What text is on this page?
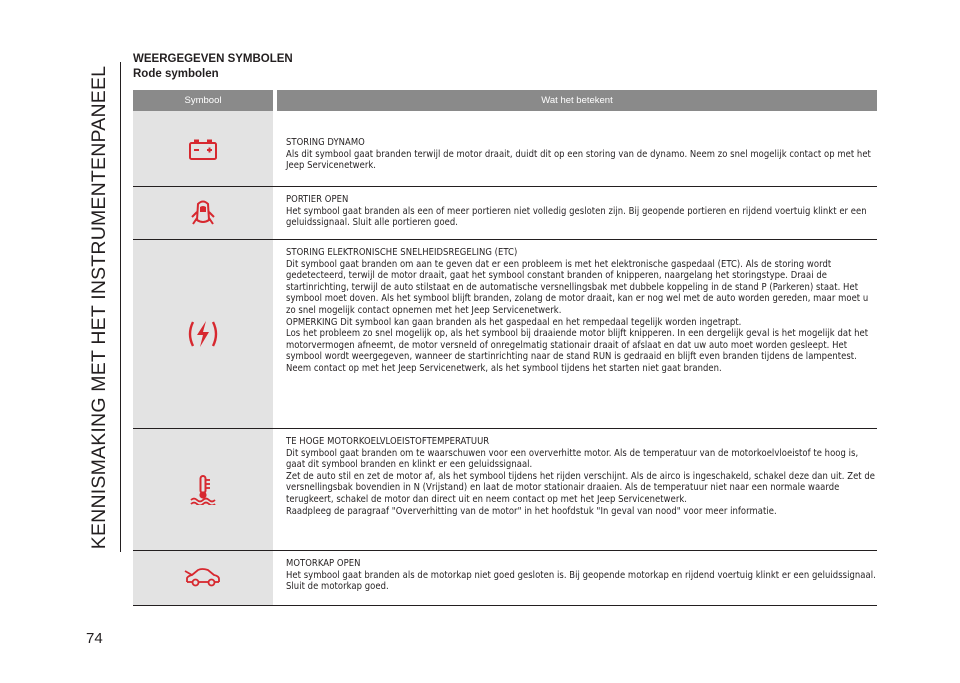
KENNISMAKING MET HET INSTRUMENTENPANEEL
74
WEERGEGEVEN SYMBOLEN
Rode symbolen
Symbool	Wat het betekent

STORING DYNAMO

Als dit symbool gaat branden terwijl de motor draait, duidt dit op een storing van de dynamo. Neem zo snel mogelijk contact op met het Jeep Servicenetwerk.

PORTIER OPEN

Het symbool gaat branden als een of meer portieren niet volledig gesloten zijn. Bij geopende portieren en rijdend voertuig klinkt er een geluidssignaal. Sluit alle portieren goed.

STORING ELEKTRONISCHE SNELHEIDSREGELING (ETC)

Dit symbool gaat branden om aan te geven dat er een probleem is met het elektronische gaspedaal (ETC). Als de storing wordt gedetecteerd, terwijl de motor draait, gaat het symbool constant branden of knipperen, naargelang het storingstype. Draai de startinrichting, terwijl de auto stilstaat en de automatische versnellingsbak met dubbele koppeling in de stand P (Parkeren) staat. Het symbool moet doven. Als het symbool blijft branden, zolang de motor draait, kan er nog wel met de auto worden gereden, maar moet u zo snel mogelijk contact opnemen met het Jeep Servicenetwerk.

OPMERKING Dit symbool kan gaan branden als het gaspedaal en het rempedaal tegelijk worden ingetrapt.

Los het probleem zo snel mogelijk op, als het symbool bij draaiende motor blijft knipperen. In een dergelijk geval is het mogelijk dat het motorvermogen afneemt, de motor versneld of onregelmatig stationair draait of afslaat en dat uw auto moet worden gesleept. Het symbool wordt weergegeven, wanneer de startinrichting naar de stand RUN is gedraaid en blijft even branden tijdens de lampentest. Neem contact op met het Jeep Servicenetwerk, als het symbool tijdens het starten niet gaat branden.

TE HOGE MOTORKOELVLOEISTOFTEMPERATUUR

Dit symbool gaat branden om te waarschuwen voor een oververhitte motor. Als de temperatuur van de motorkoelvloeistof te hoog is, gaat dit symbool branden en klinkt er een geluidssignaal.

Zet de auto stil en zet de motor af, als het symbool tijdens het rijden verschijnt. Als de airco is ingeschakeld, schakel deze dan uit. Zet de versnellingsbak bovendien in N (Vrijstand) en laat de motor stationair draaien. Als de temperatuur niet naar een normale waarde terugkeert, schakel de motor dan direct uit en neem contact op met het Jeep Servicenetwerk.

Raadpleeg de paragraaf "Oververhitting van de motor" in het hoofdstuk "In geval van nood" voor meer informatie.

MOTORKAP OPEN

Het symbool gaat branden als de motorkap niet goed gesloten is. Bij geopende motorkap en rijdend voertuig klinkt er een geluidssignaal. Sluit de motorkap goed.
